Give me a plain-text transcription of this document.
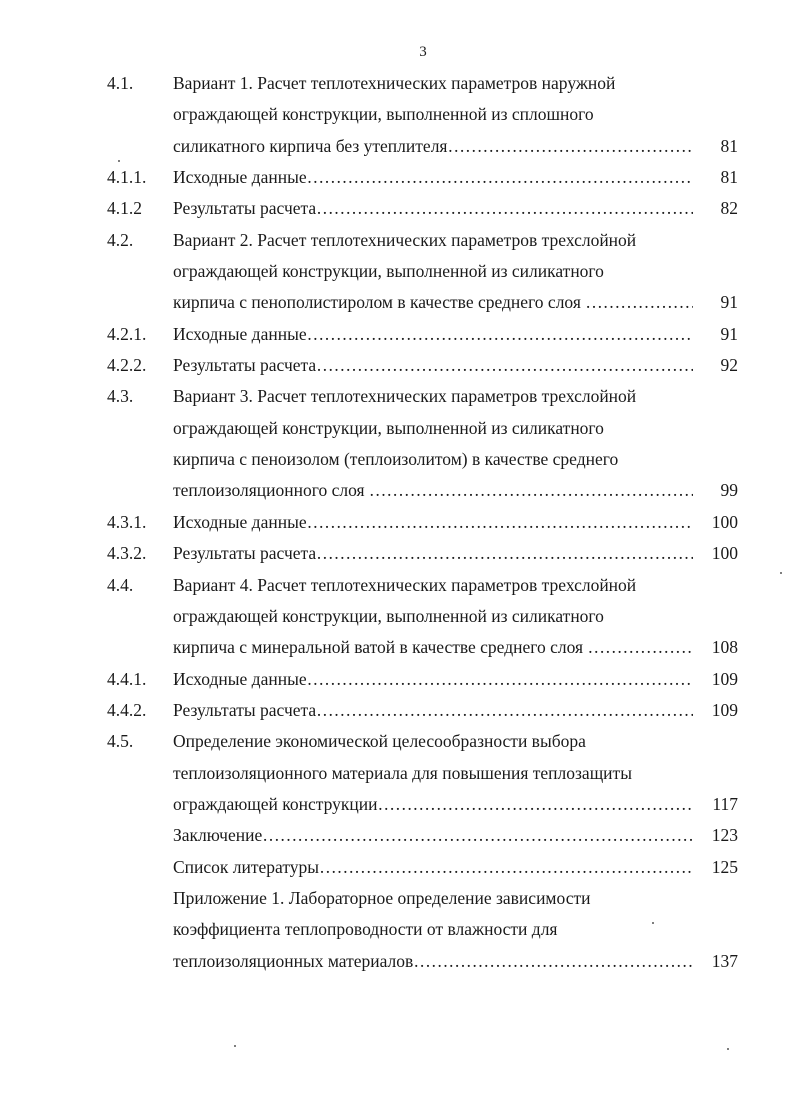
3
4.1. Вариант 1. Расчет теплотехнических параметров наружной
ограждающей конструкции, выполненной из сплошного
силикатного кирпича без утеплителя …………………………………………………………………………………………………………………………………………………………………………	81
4.1.1. Исходные данные …………………………………………………………………………………………………………………………………………………………………………	81
4.1.2 Результаты расчета …………………………………………………………………………………………………………………………………………………………………………	82
4.2. Вариант 2. Расчет теплотехнических параметров трехслойной
ограждающей конструкции, выполненной из силикатного
кирпича с пенополистиролом в качестве среднего слоя …………………………………………………………………………………………………………………………………………………………………………	91
4.2.1. Исходные данные …………………………………………………………………………………………………………………………………………………………………………	91
4.2.2. Результаты расчета …………………………………………………………………………………………………………………………………………………………………………	92
4.3. Вариант 3. Расчет теплотехнических параметров трехслойной
ограждающей конструкции, выполненной из силикатного
кирпича с пеноизолом (теплоизолитом) в качестве среднего
теплоизоляционного слоя …………………………………………………………………………………………………………………………………………………………………………	99
4.3.1. Исходные данные …………………………………………………………………………………………………………………………………………………………………………	100
4.3.2. Результаты расчета …………………………………………………………………………………………………………………………………………………………………………	100
4.4. Вариант 4. Расчет теплотехнических параметров трехслойной
ограждающей конструкции, выполненной из силикатного
кирпича с минеральной ватой в качестве среднего слоя …………………………………………………………………………………………………………………………………………………………………………	108
4.4.1. Исходные данные …………………………………………………………………………………………………………………………………………………………………………	109
4.4.2. Результаты расчета …………………………………………………………………………………………………………………………………………………………………………	109
4.5. Определение экономической целесообразности выбора
теплоизоляционного материала для повышения теплозащиты
ограждающей конструкции …………………………………………………………………………………………………………………………………………………………………………	117
Заключение …………………………………………………………………………………………………………………………………………………………………………	123
Список литературы …………………………………………………………………………………………………………………………………………………………………………	125
Приложение 1. Лабораторное определение зависимости
коэффициента теплопроводности от влажности для
теплоизоляционных материалов …………………………………………………………………………………………………………………………………………………………………………	137
